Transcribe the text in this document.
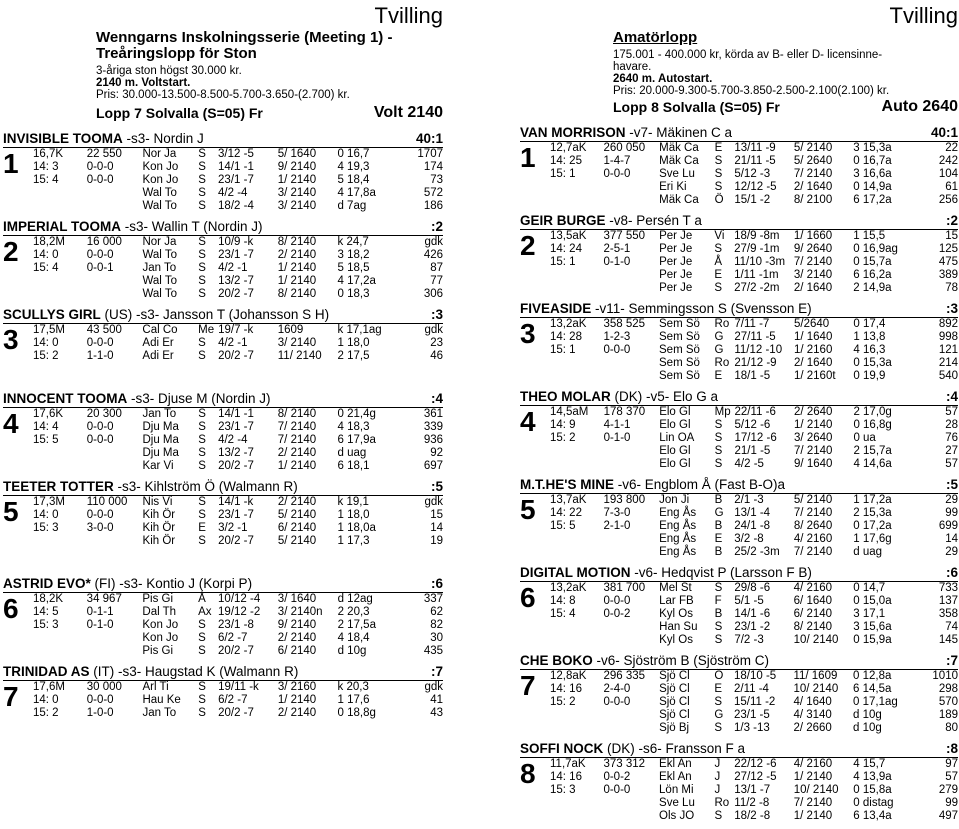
Tvilling
Wenngarns Inskolningsserie (Meeting 1) - Treåringslopp för Ston
3-åriga ston högst 30.000 kr.
2140 m. Voltstart.
Pris: 30.000-13.500-8.500-5.700-3.650-(2.700) kr.
Lopp 7 Solvalla (S=05) Fr	Volt 2140
INVISIBLE TOOMA -s3- Nordin J	40:1
1 16,7K	22 550	Nor Ja	S	3/12 -5	5/ 1640	0 16,7	1707
14: 3	0-0-0	Kon Jo	S	14/1 -1	9/ 2140	4 19,3	174
15: 4	0-0-0	Kon Jo	S	23/1 -7	1/ 2140	5 18,4	73
		Wal To	S	4/2 -4	3/ 2140	4 17,8a	572
		Wal To	S	18/2 -4	3/ 2140	d 7ag	186
IMPERIAL TOOMA -s3- Wallin T (Nordin J)	:2
2 18,2M	16 000	Nor Ja	S	10/9 -k	8/ 2140	k 24,7	gdk
14: 0	0-0-0	Wal To	S	23/1 -7	2/ 2140	3 18,2	426
15: 4	0-0-1	Jan To	S	4/2 -1	1/ 2140	5 18,5	87
		Wal To	S	13/2 -7	1/ 2140	4 17,2a	77
		Wal To	S	20/2 -7	8/ 2140	0 18,3	306
SCULLYS GIRL (US) -s3- Jansson T (Johansson S H)	:3
3 17,5M	43 500	Cal Co	Me	19/7 -k	1609	k 17,1ag	gdk
14: 0	0-0-0	Adi Er	S	4/2 -1	3/ 2140	1 18,0	23
15: 2	1-1-0	Adi Er	S	20/2 -7	11/ 2140	2 17,5	46
INNOCENT TOOMA -s3- Djuse M (Nordin J)	:4
4 17,6K	20 300	Jan To	S	14/1 -1	8/ 2140	0 21,4g	361
14: 4	0-0-0	Dju Ma	S	23/1 -7	7/ 2140	4 18,3	339
15: 5	0-0-0	Dju Ma	S	4/2 -4	7/ 2140	6 17,9a	936
		Dju Ma	S	13/2 -7	2/ 2140	d uag	92
		Kar Vi	S	20/2 -7	1/ 2140	6 18,1	697
TEETER TOTTER -s3- Kihlström Ö (Walmann R)	:5
5 17,3M	110 000	Nis Vi	S	14/1 -k	2/ 2140	k 19,1	gdk
14: 0	0-0-0	Kih Ör	S	23/1 -7	5/ 2140	1 18,0	15
15: 3	3-0-0	Kih Ör	E	3/2 -1	6/ 2140	1 18,0a	14
		Kih Ör	S	20/2 -7	5/ 2140	1 17,3	19
ASTRID EVO* (FI) -s3- Kontio J (Korpi P)	:6
6 18,2K	34 967	Pis Gi	Å	10/12 -4	3/ 1640	d 12ag	337
14: 5	0-1-1	Dal Th	Ax	19/12 -2	3/ 2140n	2 20,3	62
15: 3	0-1-0	Kon Jo	S	23/1 -8	9/ 2140	2 17,5a	82
		Kon Jo	S	6/2 -7	2/ 2140	4 18,4	30
		Pis Gi	S	20/2 -7	6/ 2140	d 10g	435
TRINIDAD AS (IT) -s3- Haugstad K (Walmann R)	:7
7 17,6M	30 000	Arl Ti	S	19/11 -k	3/ 2160	k 20,3	gdk
14: 0	0-0-0	Hau Ke	S	6/2 -7	1/ 2140	1 17,6	41
15: 2	1-0-0	Jan To	S	20/2 -7	2/ 2140	0 18,8g	43
Tvilling
Amatörlopp
175.001 - 400.000 kr, körda av B- eller D- licensinne-
havare.
2640 m. Autostart.
Pris: 20.000-9.300-5.700-3.850-2.500-2.100(2.100) kr.
Lopp 8 Solvalla (S=05) Fr	Auto 2640
VAN MORRISON -v7- Mäkinen C a	40:1
1 12,7aK	260 050	Mäk Ca	E	13/11 -9	5/ 2140	3 15,3a	22
14: 25	1-4-7	Mäk Ca	S	21/11 -5	5/ 2640	0 16,7a	242
15: 1	0-0-0	Sve Lu	S	5/12 -3	7/ 2140	3 16,6a	104
		Eri Ki	S	12/12 -5	2/ 1640	0 14,9a	61
		Mäk Ca	Ö	15/1 -2	8/ 2100	6 17,2a	256
GEIR BURGE -v8- Persén T a	:2
2 13,5aK	377 550	Per Je	Vi	18/9 -8m	1/ 1660	1 15,5	15
14: 24	2-5-1	Per Je	S	27/9 -1m	9/ 2640	0 16,9ag	125
15: 1	0-1-0	Per Je	Å	11/10 -3m	7/ 2140	0 15,7a	475
		Per Je	E	1/11 -1m	3/ 2140	6 16,2a	389
		Per Je	S	27/2 -2m	2/ 1640	2 14,9a	78
FIVEASIDE -v11- Semmingsson S (Svensson E)	:3
3 13,2aK	358 525	Sem Sö	Ro	7/11 -7	5/2640	0 17,4	892
14: 28	1-2-3	Sem Sö	G	27/11 -5	1/ 1640	1 13,8	998
15: 1	0-0-0	Sem Sö	G	11/12 -10	1/ 2160	4 16,3	121
		Sem Sö	Ro	21/12 -9	2/ 1640	0 15,3a	214
		Sem Sö	E	18/1 -5	1/ 2160t	0 19,9	540
THEO MOLAR (DK) -v5- Elo G a	:4
4 14,5aM	178 370	Elo Gl	Mp	22/11 -6	2/ 2640	2 17,0g	57
14: 9	4-1-1	Elo Gl	S	5/12 -6	1/ 2140	0 16,8g	28
15: 2	0-1-0	Lin OA	S	17/12 -6	3/ 2640	0 ua	76
		Elo Gl	S	21/1 -5	7/ 2140	2 15,7a	27
		Elo Gl	S	4/2 -5	9/ 1640	4 14,6a	57
M.T.HE'S MINE -v6- Engblom Å (Fast B-O)a	:5
5 13,7aK	193 800	Jon Ji	B	2/1 -3	5/ 2140	1 17,2a	29
14: 22	7-3-0	Eng Ås	G	13/1 -4	7/ 2140	2 15,3a	99
15: 5	2-1-0	Eng Ås	B	24/1 -8	8/ 2640	0 17,2a	699
		Eng Ås	E	3/2 -8	4/ 2160	1 17,6g	14
		Eng Ås	B	25/2 -3m	7/ 2140	d uag	29
DIGITAL MOTION -v6- Hedqvist P (Larsson F B)	:6
6 13,2aK	381 700	Mel St	S	29/8 -6	4/ 2160	0 14,7	733
14: 8	0-0-0	Lar FB	F	5/1 -5	6/ 1640	0 15,0a	137
15: 4	0-0-2	Kyl Os	B	14/1 -6	6/ 2140	3 17,1	358
		Han Su	S	23/1 -2	8/ 2140	3 15,6a	74
		Kyl Os	S	7/2 -3	10/ 2140	0 15,9a	145
CHE BOKO -v6- Sjöström B (Sjöström C)	:7
7 12,8aK	296 335	Sjö Cl	Ö	18/10 -5	11/ 1609	0 12,8a	1010
14: 16	2-4-0	Sjö Cl	E	2/11 -4	10/ 2140	6 14,5a	298
15: 2	0-0-0	Sjö Cl	S	15/11 -2	4/ 1640	0 17,1ag	570
		Sjö Cl	G	23/1 -5	4/ 3140	d 10g	189
		Sjö Bj	S	1/3 -13	2/ 2660	d 10g	80
SOFFI NOCK (DK) -s6- Fransson F a	:8
8 11,7aK	373 312	Ekl An	J	22/12 -6	4/ 2160	4 15,7	97
14: 16	0-0-2	Ekl An	J	27/12 -5	1/ 2140	4 13,9a	57
15: 3	0-0-0	Lön Mi	J	13/1 -7	10/ 2140	0 15,8a	279
		Sve Lu	Ro	11/2 -8	7/ 2140	0 distag	99
		Ols JO	S	18/2 -8	1/ 2140	6 13,4a	497
